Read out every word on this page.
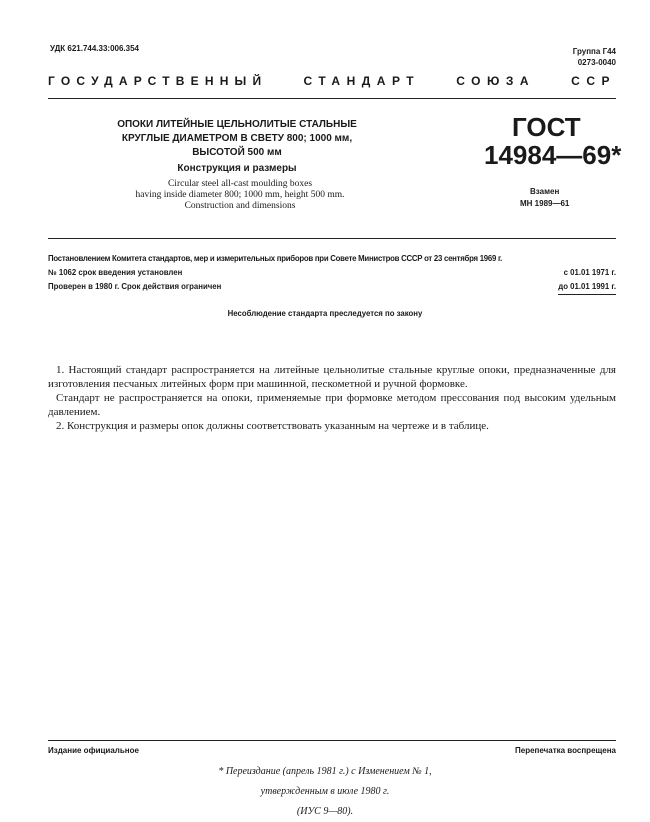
УДК 621.744.33:006.354	Группа Г44
0273-0040
ГОСУДАРСТВЕННЫЙ	СТАНДАРТ	СОЮЗА	ССР
ОПОКИ ЛИТЕЙНЫЕ ЦЕЛЬНОЛИТЫЕ СТАЛЬНЫЕ
КРУГЛЫЕ ДИАМЕТРОМ В СВЕТУ 800; 1000 мм,
ВЫСОТОЙ 500 мм
Конструкция и размеры
Circular steel all-cast moulding boxes
having inside diameter 800; 1000 mm, height 500 mm.
Construction and dimensions
ГОСТ
14984—69*
Взамен
МН 1989—61
Постановлением Комитета стандартов, мер и измерительных приборов при Совете Министров СССР от 23 сентября 1969 г.
№ 1062 срок введения установлен	с 01.01 1971 г.
Проверен в 1980 г. Срок действия ограничен	до 01.01 1991 г.
Несоблюдение стандарта преследуется по закону

1. Настоящий стандарт распространяется на литейные цельнолитые стальные круглые опоки, предназначенные для изготовления песчаных литейных форм при машинной, пескометной и ручной формовке.

Стандарт не распространяется на опоки, применяемые при формовке методом прессования под высоким удельным давлением.

2. Конструкция и размеры опок должны соответствовать указанным на чертеже и в таблице.

Издание официальное	Перепечатка воспрещена
* Переиздание (апрель 1981 г.) с Изменением № 1,
утвержденным в июле 1980 г.
(ИУС 9—80).
